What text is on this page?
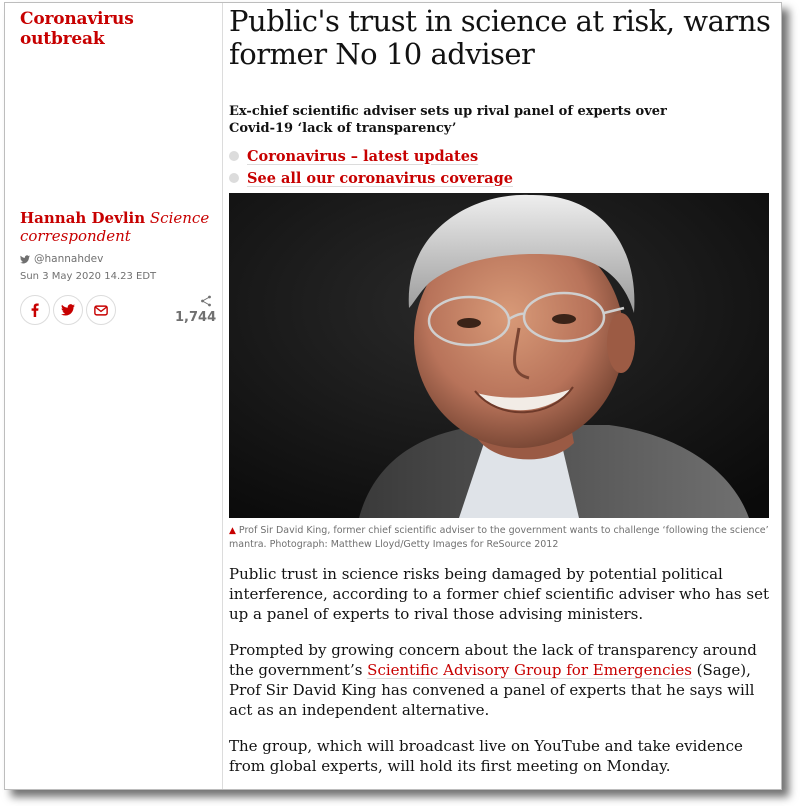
Coronavirus outbreak
Hannah Devlin Science correspondent
@hannahdev
Sun 3 May 2020 14.23 EDT
1,744
Public's trust in science at risk, warns former No 10 adviser
Ex-chief scientific adviser sets up rival panel of experts over Covid-19 ‘lack of transparency’
Coronavirus – latest updates
See all our coronavirus coverage
▲ Prof Sir David King, former chief scientific adviser to the government wants to challenge ‘following the science’ mantra. Photograph: Matthew Lloyd/Getty Images for ReSource 2012

Public trust in science risks being damaged by potential political interference, according to a former chief scientific adviser who has set up a panel of experts to rival those advising ministers.

Prompted by growing concern about the lack of transparency around the government’s Scientific Advisory Group for Emergencies (Sage), Prof Sir David King has convened a panel of experts that he says will act as an independent alternative.

The group, which will broadcast live on YouTube and take evidence from global experts, will hold its first meeting on Monday.
